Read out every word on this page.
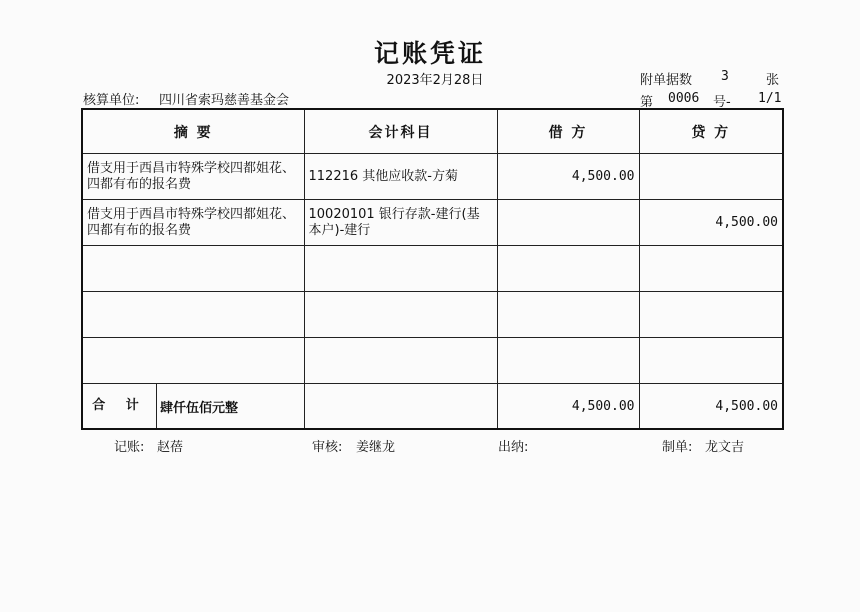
记账凭证
2023年2月28日	附单据数 3	张
核算单位: 四川省索玛慈善基金会	第 0006 号- 1/1
摘 要	会计科目	借 方	贷 方
借支用于西昌市特殊学校四都姐花、四都有布的报名费	112216 其他应收款-方菊	4,500.00	
借支用于西昌市特殊学校四都姐花、四都有布的报名费	10020101 银行存款-建行(基本户)-建行		4,500.00

合 计 肆仟伍佰元整		4,500.00	4,500.00
记账: 赵蓓	审核: 姜继龙	出纳:	制单: 龙文吉
